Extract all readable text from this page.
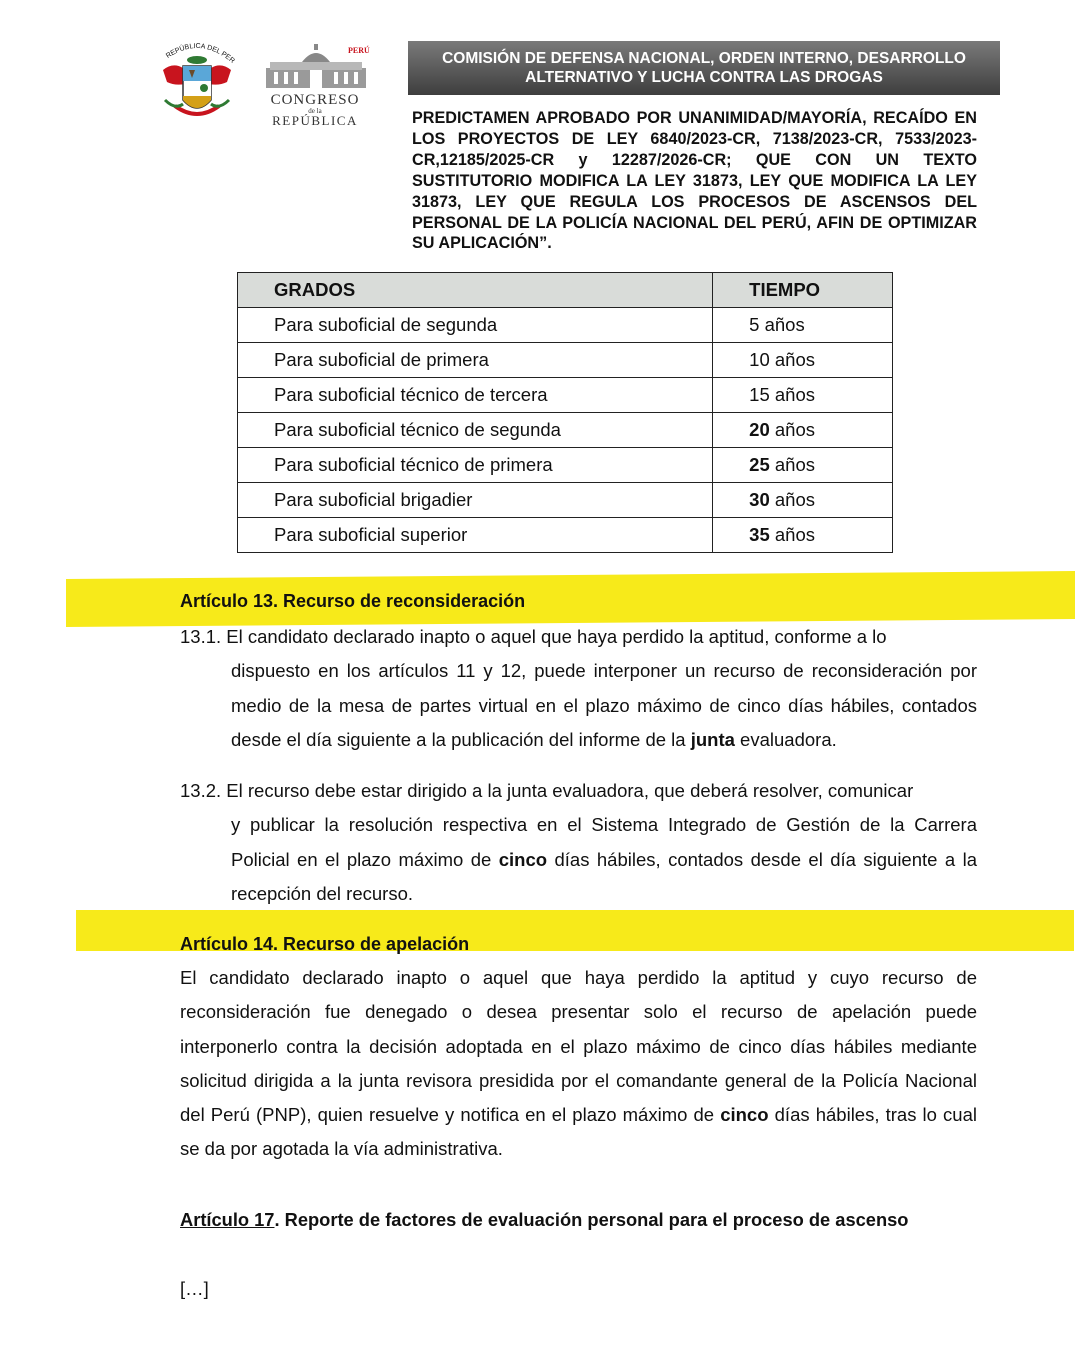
REPÚBLICA DEL PER
PERÚ
CONGRESO
de la
REPÚBLICA
COMISIÓN DE DEFENSA NACIONAL, ORDEN INTERNO, DESARROLLO
ALTERNATIVO Y LUCHA CONTRA LAS DROGAS
PREDICTAMEN APROBADO POR UNANIMIDAD/MAYORÍA, RECAÍDO EN LOS PROYECTOS DE LEY 6840/2023-CR, 7138/2023-CR, 7533/2023-CR,12185/2025-CR y 12287/2026-CR; QUE CON UN TEXTO SUSTITUTORIO MODIFICA LA LEY 31873, LEY QUE MODIFICA LA LEY 31873, LEY QUE REGULA LOS PROCESOS DE ASCENSOS DEL PERSONAL DE LA POLICÍA NACIONAL DEL PERÚ, AFIN DE OPTIMIZAR SU APLICACIÓN”.
GRADOS	TIEMPO
Para suboficial de segunda	5 años
Para suboficial de primera	10 años
Para suboficial técnico de tercera	15 años
Para suboficial técnico de segunda	20 años
Para suboficial técnico de primera	25 años
Para suboficial brigadier	30 años
Para suboficial superior	35 años
Artículo 13. Recurso de reconsideración
13.1. El candidato declarado inapto o aquel que haya perdido la aptitud, conforme a lo
dispuesto en los artículos 11 y 12, puede interponer un recurso de reconsideración por medio de la mesa de partes virtual en el plazo máximo de cinco días hábiles, contados desde el día siguiente a la publicación del informe de la junta evaluadora.
13.2. El recurso debe estar dirigido a la junta evaluadora, que deberá resolver, comunicar
y publicar la resolución respectiva en el Sistema Integrado de Gestión de la Carrera Policial en el plazo máximo de cinco días hábiles, contados desde el día siguiente a la recepción del recurso.
Artículo 14. Recurso de apelación
El candidato declarado inapto o aquel que haya perdido la aptitud y cuyo recurso de reconsideración fue denegado o desea presentar solo el recurso de apelación puede interponerlo contra la decisión adoptada en el plazo máximo de cinco días hábiles mediante solicitud dirigida a la junta revisora presidida por el comandante general de la Policía Nacional del Perú (PNP), quien resuelve y notifica en el plazo máximo de cinco días hábiles, tras lo cual se da por agotada la vía administrativa.
Artículo 17. Reporte de factores de evaluación personal para el proceso de ascenso
[…]
